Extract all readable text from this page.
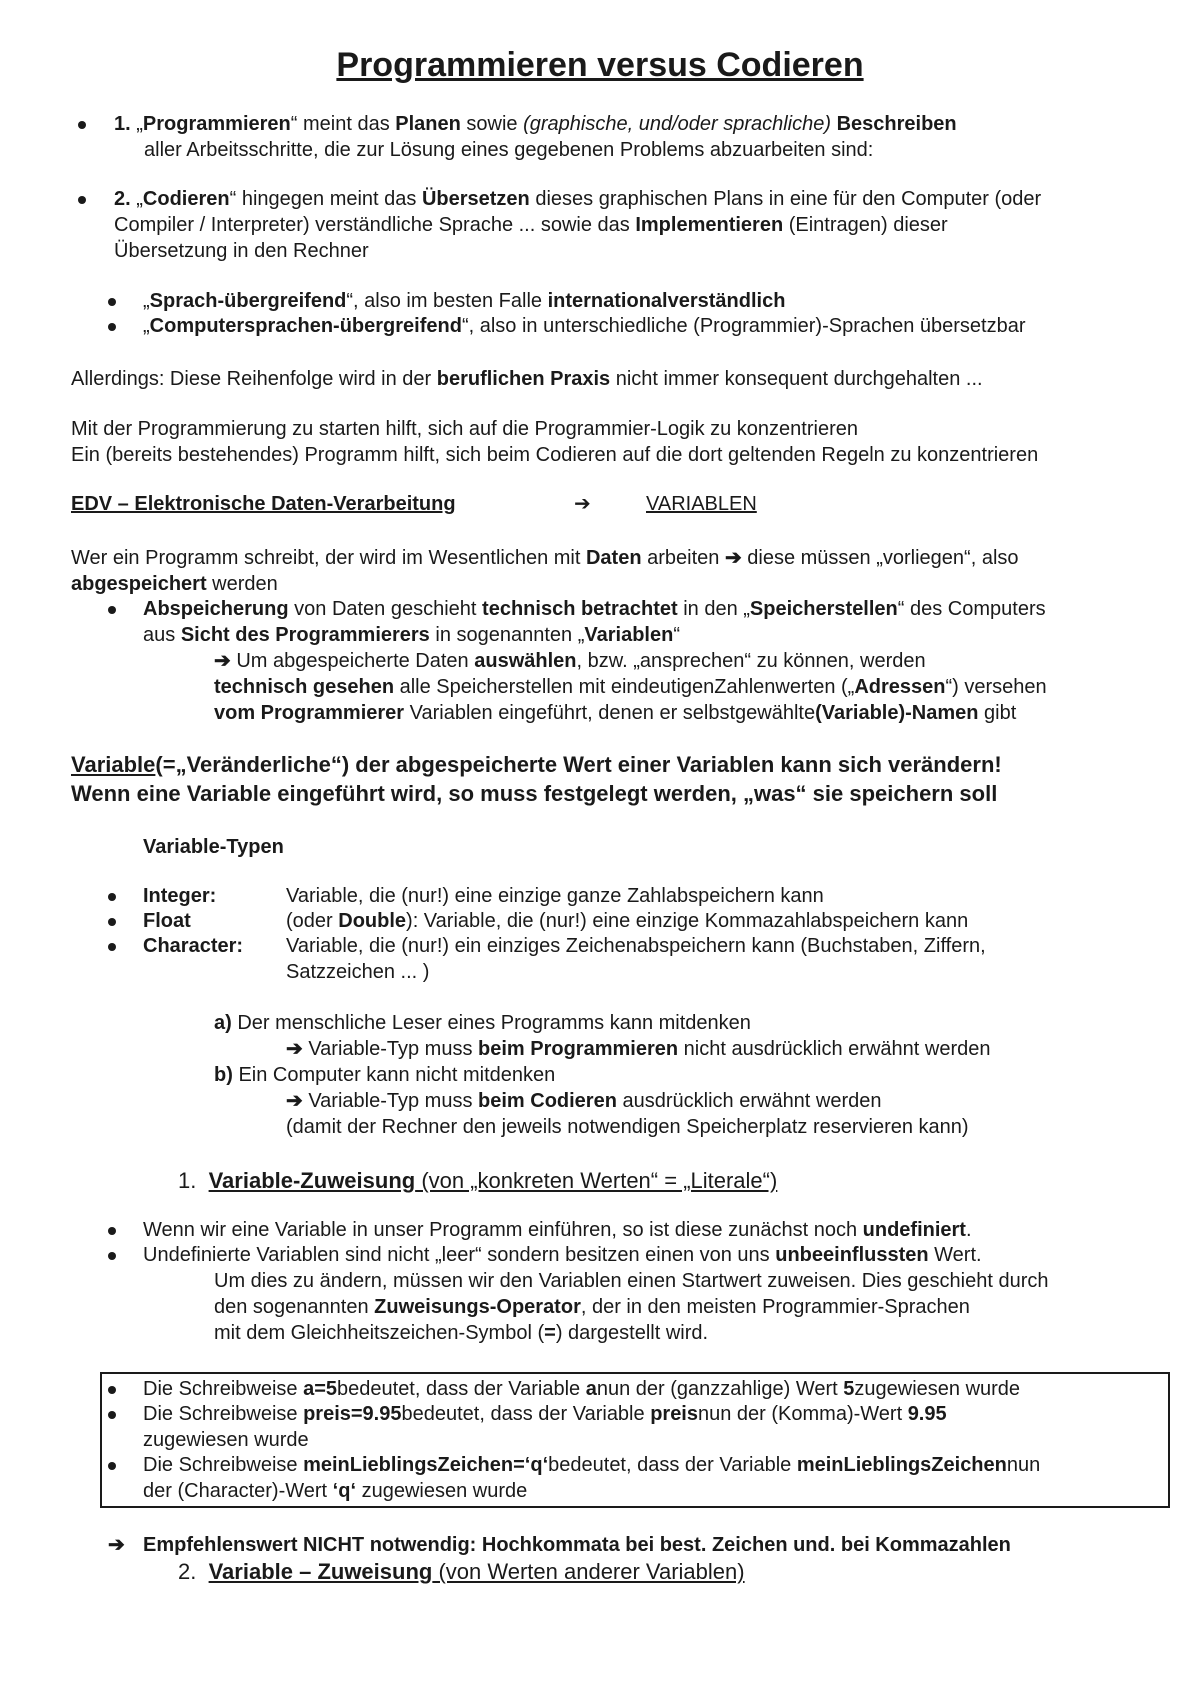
Programmieren versus Codieren
1. „Programmieren“ meint das Planen sowie (graphische, und/oder sprachliche) Beschreiben
aller Arbeitsschritte, die zur Lösung eines gegebenen Problems abzuarbeiten sind:
2. „Codieren“ hingegen meint das Übersetzen dieses graphischen Plans in eine für den Computer (oder
Compiler / Interpreter) verständliche Sprache ... sowie das Implementieren (Eintragen) dieser
Übersetzung in den Rechner
„Sprach-übergreifend“, also im besten Falle internationalverständlich
„Computersprachen-übergreifend“, also in unterschiedliche (Programmier)-Sprachen übersetzbar
Allerdings: Diese Reihenfolge wird in der beruflichen Praxis nicht immer konsequent durchgehalten ...
Mit der Programmierung zu starten hilft, sich auf die Programmier-Logik zu konzentrieren
Ein (bereits bestehendes) Programm hilft, sich beim Codieren auf die dort geltenden Regeln zu konzentrieren
EDV – Elektronische Daten-Verarbeitung	➔	VARIABLEN
Wer ein Programm schreibt, der wird im Wesentlichen mit Daten arbeiten ➔ diese müssen „vorliegen“, also
abgespeichert werden
Abspeicherung von Daten geschieht technisch betrachtet in den „Speicherstellen“ des Computers
aus Sicht des Programmierers in sogenannten „Variablen“
➔ Um abgespeicherte Daten auswählen, bzw. „ansprechen“ zu können, werden
technisch gesehen alle Speicherstellen mit eindeutigenZahlenwerten („Adressen“) versehen
vom Programmierer Variablen eingeführt, denen er selbstgewählte(Variable)-Namen gibt
Variable(=„Veränderliche“) der abgespeicherte Wert einer Variablen kann sich verändern!
Wenn eine Variable eingeführt wird, so muss festgelegt werden, „was“ sie speichern soll
Variable-Typen
Integer:	Variable, die (nur!) eine einzige ganze Zahlabspeichern kann
Float	(oder Double): Variable, die (nur!) eine einzige Kommazahlabspeichern kann
Character: Variable, die (nur!) ein einziges Zeichenabspeichern kann (Buchstaben, Ziffern,
Satzzeichen ... )
a) Der menschliche Leser eines Programms kann mitdenken
➔ Variable-Typ muss beim Programmieren nicht ausdrücklich erwähnt werden
b) Ein Computer kann nicht mitdenken
➔ Variable-Typ muss beim Codieren ausdrücklich erwähnt werden
(damit der Rechner den jeweils notwendigen Speicherplatz reservieren kann)
1. Variable-Zuweisung (von „konkreten Werten“ = „Literale“)
Wenn wir eine Variable in unser Programm einführen, so ist diese zunächst noch undefiniert.
Undefinierte Variablen sind nicht „leer“ sondern besitzen einen von uns unbeeinflussten Wert.
Um dies zu ändern, müssen wir den Variablen einen Startwert zuweisen. Dies geschieht durch
den sogenannten Zuweisungs-Operator, der in den meisten Programmier-Sprachen
mit dem Gleichheitszeichen-Symbol (=) dargestellt wird.
Die Schreibweise a=5bedeutet, dass der Variable anun der (ganzzahlige) Wert 5zugewiesen wurde
Die Schreibweise preis=9.95bedeutet, dass der Variable preisnun der (Komma)-Wert 9.95
zugewiesen wurde
Die Schreibweise meinLieblingsZeichen=‘q‘bedeutet, dass der Variable meinLieblingsZeichennun
der (Character)-Wert ‘q‘ zugewiesen wurde
➔ Empfehlenswert NICHT notwendig: Hochkommata bei best. Zeichen und. bei Kommazahlen
2. Variable – Zuweisung (von Werten anderer Variablen)
